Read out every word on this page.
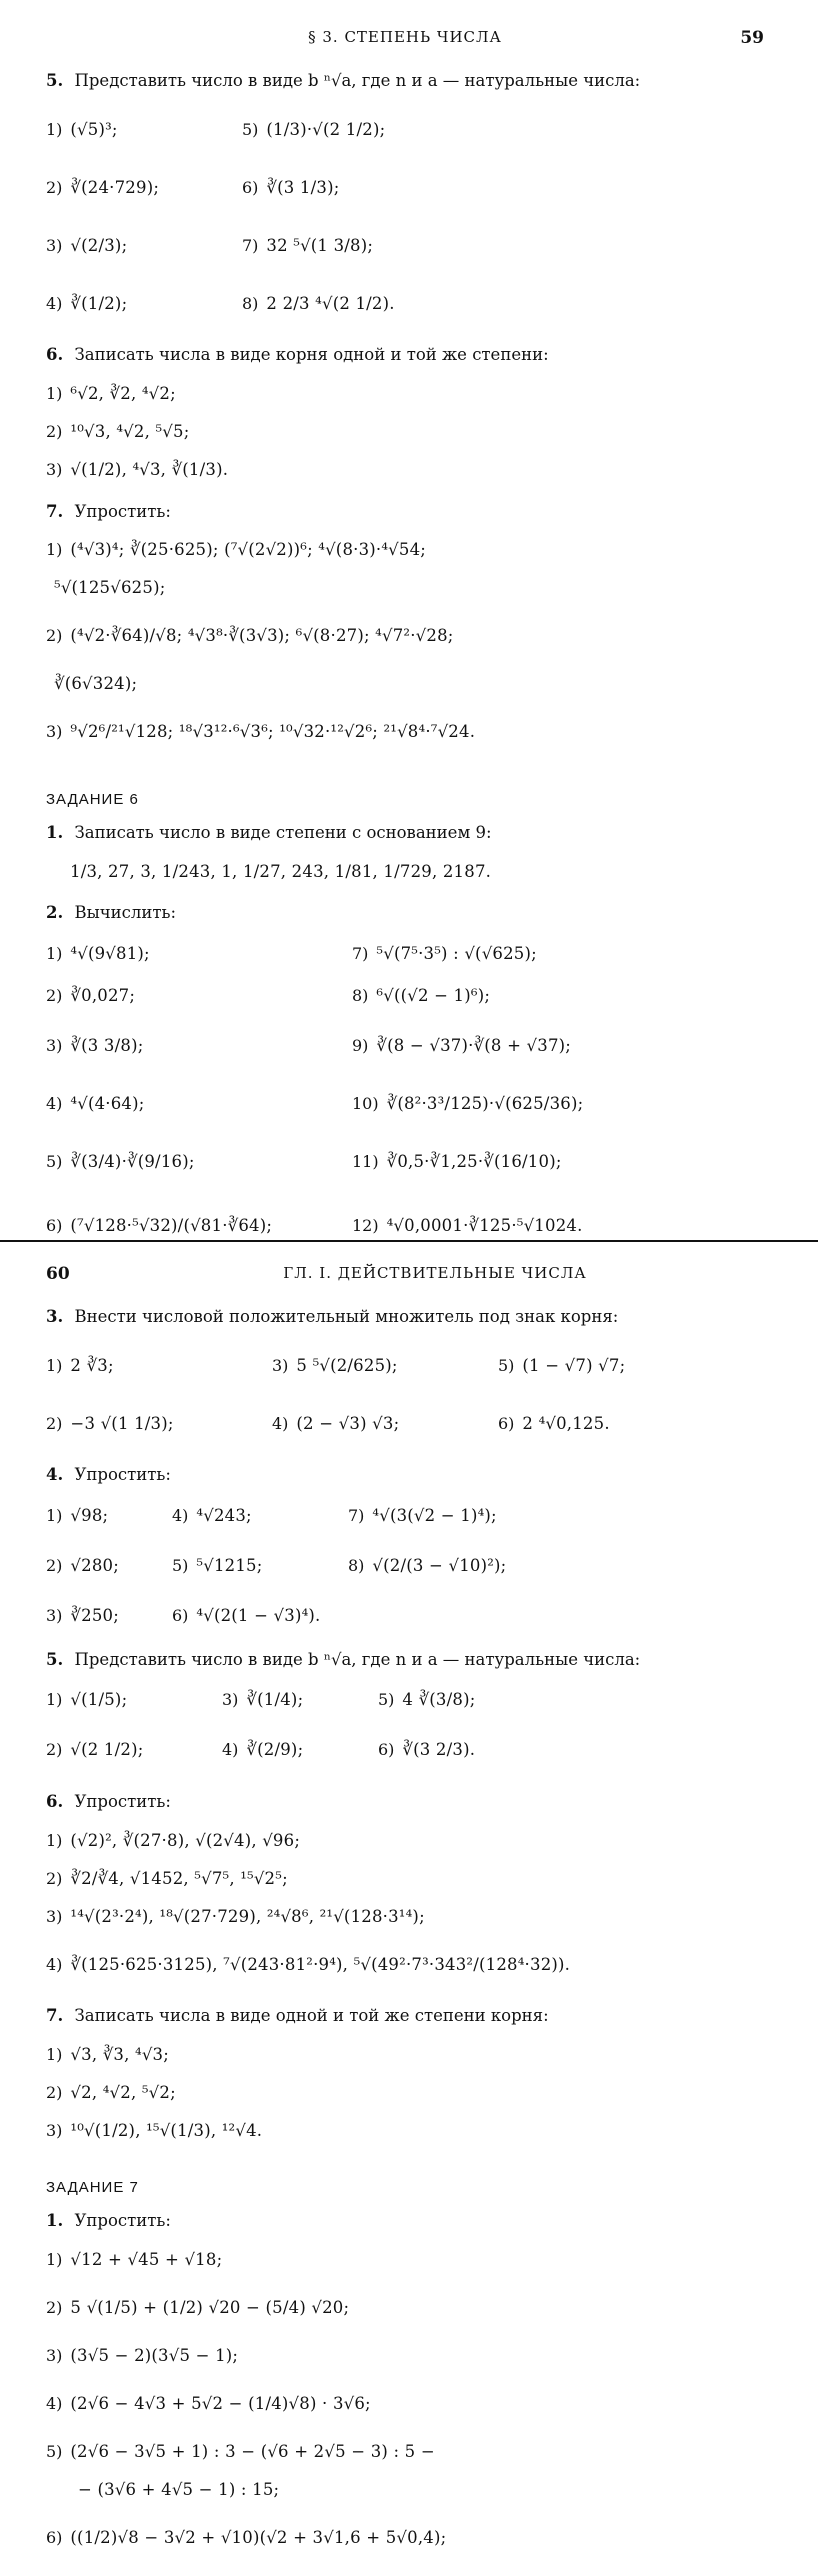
§ 3. СТЕПЕНЬ ЧИСЛА	59
5. Представить число в виде b ⁿ√a, где n и a — натуральные числа:
1) (√5)³;	5) (1/3)·√(2 1/2);
2) ∛(24·729);	6) ∛(3 1/3);
3) √(2/3);	7) 32 ⁵√(1 3/8);
4) ∛(1/2);	8) 2 2/3 ⁴√(2 1/2).
6. Записать числа в виде корня одной и той же степени:
1) ⁶√2, ∛2, ⁴√2;
2) ¹⁰√3, ⁴√2, ⁵√5;
3) √(1/2), ⁴√3, ∛(1/3).
7. Упростить:
1) (⁴√3)⁴; ∛(25·625); (⁷√(2√2))⁶; ⁴√(8·3)·⁴√54;
⁵√(125√625);
2) (⁴√2·∛64)/√8; ⁴√3⁸·∛(3√3); ⁶√(8·27); ⁴√7²·√28;
∛(6√324);
3) ⁹√2⁶/²¹√128; ¹⁸√3¹²·⁶√3⁶; ¹⁰√32·¹²√2⁶; ²¹√8⁴·⁷√24.
ЗАДАНИЕ 6
1. Записать число в виде степени с основанием 9:
1/3, 27, 3, 1/243, 1, 1/27, 243, 1/81, 1/729, 2187.
2. Вычислить:
1) ⁴√(9√81);	7) ⁵√(7⁵·3⁵) : √(√625);
2) ∛0,027;	8) ⁶√((√2 − 1)⁶);
3) ∛(3 3/8);	9) ∛(8 − √37)·∛(8 + √37);
4) ⁴√(4·64);	10) ∛(8²·3³/125)·√(625/36);
5) ∛(3/4)·∛(9/16);	11) ∛0,5·∛1,25·∛(16/10);
6) (⁷√128·⁵√32)/(√81·∛64);	12) ⁴√0,0001·∛125·⁵√1024.
60	ГЛ. I. ДЕЙСТВИТЕЛЬНЫЕ ЧИСЛА
3. Внести числовой положительный множитель под знак корня:
1) 2 ∛3;	3) 5 ⁵√(2/625);	5) (1 − √7) √7;
2) −3 √(1 1/3);	4) (2 − √3) √3;	6) 2 ⁴√0,125.
4. Упростить:
1) √98;	4) ⁴√243;	7) ⁴√(3(√2 − 1)⁴);
2) √280;	5) ⁵√1215;	8) √(2/(3 − √10)²);
3) ∛250;	6) ⁴√(2(1 − √3)⁴).
5. Представить число в виде b ⁿ√a, где n и a — натуральные числа:
1) √(1/5);	3) ∛(1/4);	5) 4 ∛(3/8);
2) √(2 1/2);	4) ∛(2/9);	6) ∛(3 2/3).
6. Упростить:
1) (√2)², ∛(27·8), √(2√4), √96;
2) ∛2/∛4, √1452, ⁵√7⁵, ¹⁵√2⁵;
3) ¹⁴√(2³·2⁴), ¹⁸√(27·729), ²⁴√8⁶, ²¹√(128·3¹⁴);
4) ∛(125·625·3125), ⁷√(243·81²·9⁴), ⁵√(49²·7³·343²/(128⁴·32)).
7. Записать числа в виде одной и той же степени корня:
1) √3, ∛3, ⁴√3;
2) √2, ⁴√2, ⁵√2;
3) ¹⁰√(1/2), ¹⁵√(1/3), ¹²√4.
ЗАДАНИЕ 7
1. Упростить:
1) √12 + √45 + √18;
2) 5 √(1/5) + (1/2) √20 − (5/4) √20;
3) (3√5 − 2)(3√5 − 1);
4) (2√6 − 4√3 + 5√2 − (1/4)√8) · 3√6;
5) (2√6 − 3√5 + 1) : 3 − (√6 + 2√5 − 3) : 5 −
− (3√6 + 4√5 − 1) : 15;
6) ((1/2)√8 − 3√2 + √10)(√2 + 3√1,6 + 5√0,4);
